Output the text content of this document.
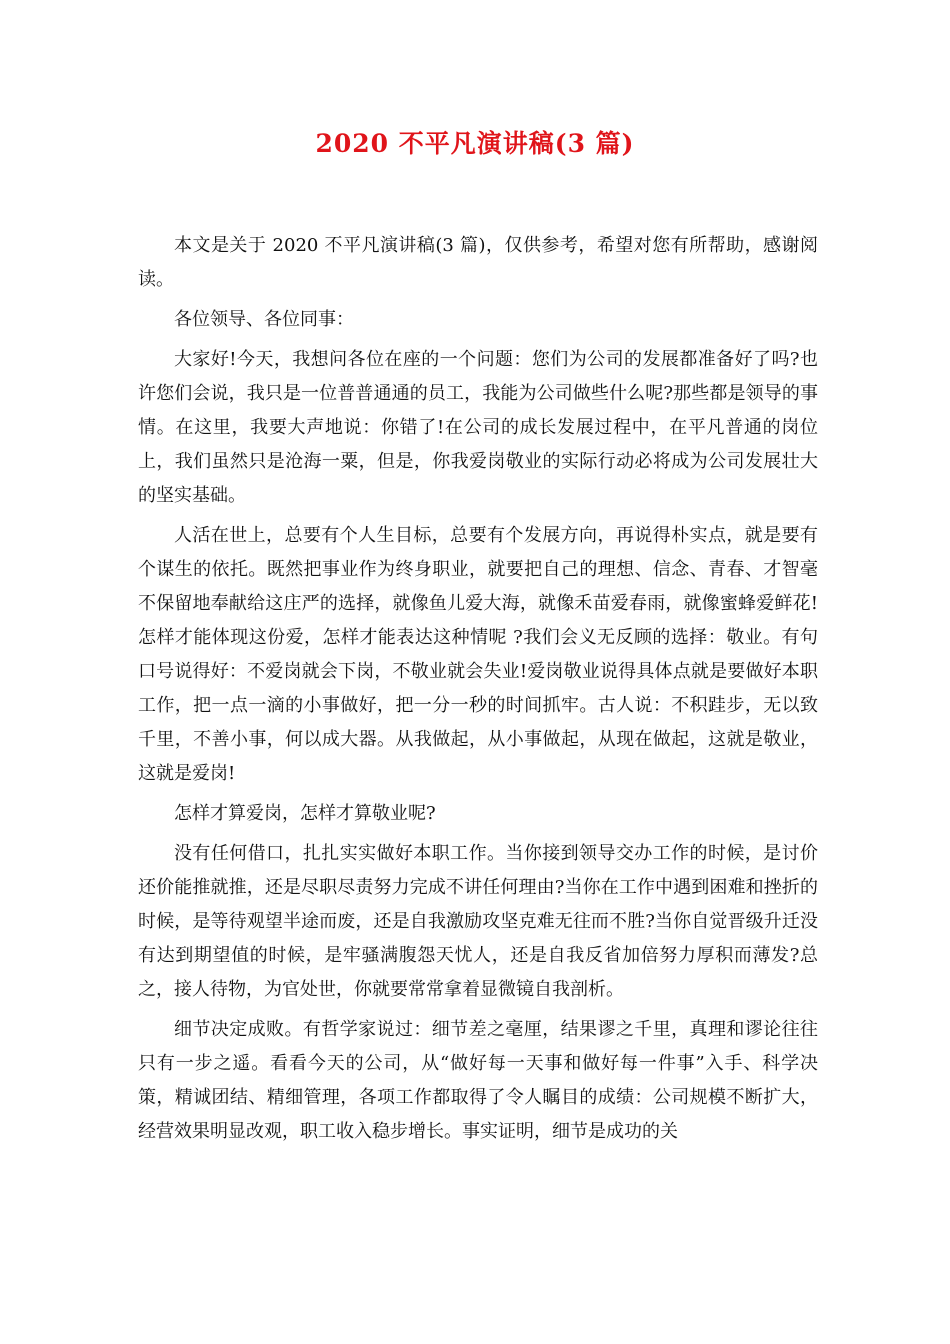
2020 不平凡演讲稿(3 篇)

本文是关于 2020 不平凡演讲稿(3 篇)，仅供参考，希望对您有所帮助，感谢阅读。

各位领导、各位同事：

大家好!今天，我想问各位在座的一个问题：您们为公司的发展都准备好了吗?也许您们会说，我只是一位普普通通的员工，我能为公司做些什么呢?那些都是领导的事情。在这里，我要大声地说：你错了!在公司的成长发展过程中，在平凡普通的岗位上，我们虽然只是沧海一粟，但是，你我爱岗敬业的实际行动必将成为公司发展壮大的坚实基础。

人活在世上，总要有个人生目标，总要有个发展方向，再说得朴实点，就是要有个谋生的依托。既然把事业作为终身职业，就要把自己的理想、信念、青春、才智毫不保留地奉献给这庄严的选择，就像鱼儿爱大海，就像禾苗爱春雨，就像蜜蜂爱鲜花!怎样才能体现这份爱，怎样才能表达这种情呢 ?我们会义无反顾的选择：敬业。有句口号说得好：不爱岗就会下岗，不敬业就会失业!爱岗敬业说得具体点就是要做好本职工作，把一点一滴的小事做好，把一分一秒的时间抓牢。古人说：不积跬步，无以致千里，不善小事，何以成大器。从我做起，从小事做起，从现在做起，这就是敬业，这就是爱岗!

怎样才算爱岗，怎样才算敬业呢?

没有任何借口，扎扎实实做好本职工作。当你接到领导交办工作的时候，是讨价还价能推就推，还是尽职尽责努力完成不讲任何理由?当你在工作中遇到困难和挫折的时候，是等待观望半途而废，还是自我激励攻坚克难无往而不胜?当你自觉晋级升迁没有达到期望值的时候，是牢骚满腹怨天忧人，还是自我反省加倍努力厚积而薄发?总之，接人待物，为官处世，你就要常常拿着显微镜自我剖析。

细节决定成败。有哲学家说过：细节差之毫厘，结果谬之千里，真理和谬论往往只有一步之遥。看看今天的公司，从“做好每一天事和做好每一件事”入手、科学决策，精诚团结、精细管理，各项工作都取得了令人瞩目的成绩：公司规模不断扩大，经营效果明显改观，职工收入稳步增长。事实证明，细节是成功的关
